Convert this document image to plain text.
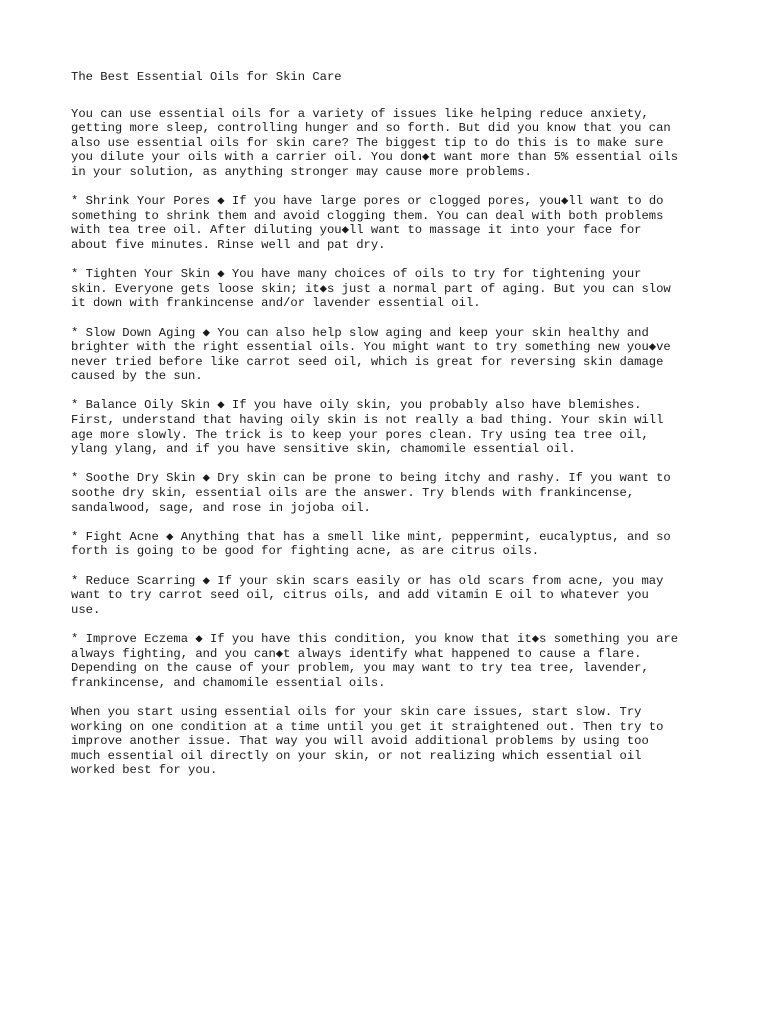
The Best Essential Oils for Skin Care

You can use essential oils for a variety of issues like helping reduce anxiety,
getting more sleep, controlling hunger and so forth. But did you know that you can
also use essential oils for skin care? The biggest tip to do this is to make sure
you dilute your oils with a carrier oil. You don◆t want more than 5% essential oils
in your solution, as anything stronger may cause more problems.

* Shrink Your Pores ◆ If you have large pores or clogged pores, you◆ll want to do
something to shrink them and avoid clogging them. You can deal with both problems
with tea tree oil. After diluting you◆ll want to massage it into your face for
about five minutes. Rinse well and pat dry.

* Tighten Your Skin ◆ You have many choices of oils to try for tightening your
skin. Everyone gets loose skin; it◆s just a normal part of aging. But you can slow
it down with frankincense and/or lavender essential oil.

* Slow Down Aging ◆ You can also help slow aging and keep your skin healthy and
brighter with the right essential oils. You might want to try something new you◆ve
never tried before like carrot seed oil, which is great for reversing skin damage
caused by the sun.

* Balance Oily Skin ◆ If you have oily skin, you probably also have blemishes.
First, understand that having oily skin is not really a bad thing. Your skin will
age more slowly. The trick is to keep your pores clean. Try using tea tree oil,
ylang ylang, and if you have sensitive skin, chamomile essential oil.

* Soothe Dry Skin ◆ Dry skin can be prone to being itchy and rashy. If you want to
soothe dry skin, essential oils are the answer. Try blends with frankincense,
sandalwood, sage, and rose in jojoba oil.

* Fight Acne ◆ Anything that has a smell like mint, peppermint, eucalyptus, and so
forth is going to be good for fighting acne, as are citrus oils.

* Reduce Scarring ◆ If your skin scars easily or has old scars from acne, you may
want to try carrot seed oil, citrus oils, and add vitamin E oil to whatever you
use.

* Improve Eczema ◆ If you have this condition, you know that it◆s something you are
always fighting, and you can◆t always identify what happened to cause a flare.
Depending on the cause of your problem, you may want to try tea tree, lavender,
frankincense, and chamomile essential oils.

When you start using essential oils for your skin care issues, start slow. Try
working on one condition at a time until you get it straightened out. Then try to
improve another issue. That way you will avoid additional problems by using too
much essential oil directly on your skin, or not realizing which essential oil
worked best for you.
